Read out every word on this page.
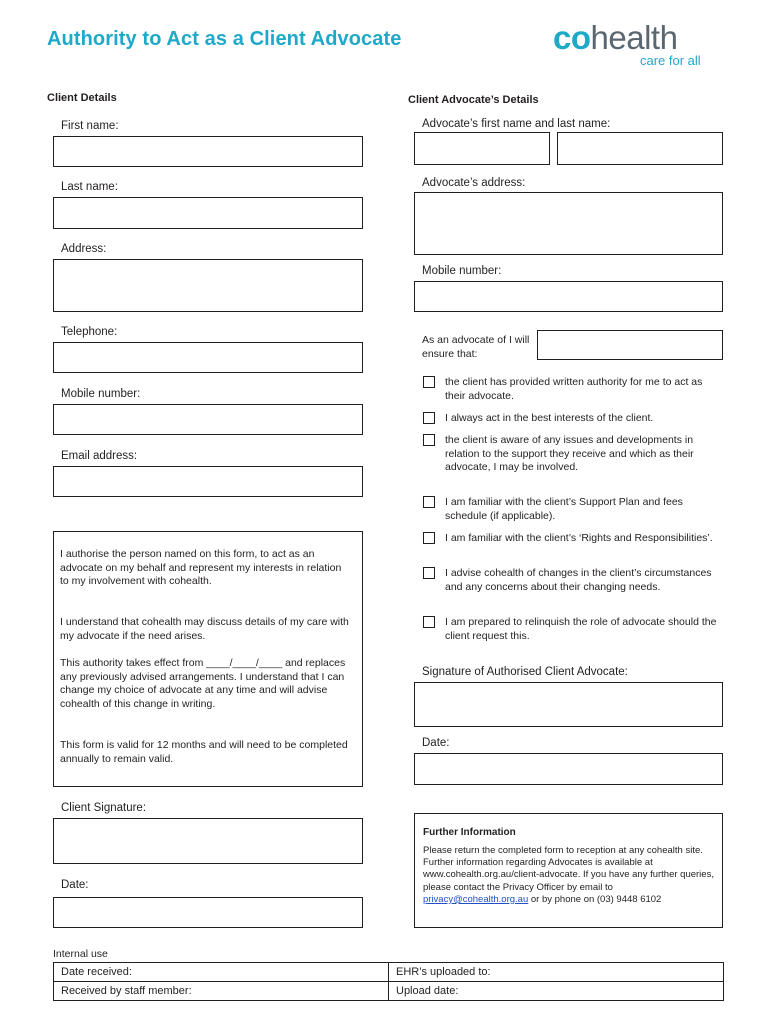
Authority to Act as a Client Advocate	cohealth
care for all
Client Details
First name:
Last name:
Address:
Telephone:
Mobile number:
Email address:

I authorise the person named on this form, to act as an advocate on my behalf and represent my interests in relation to my involvement with cohealth.

I understand that cohealth may discuss details of my care with my advocate if the need arises.

This authority takes effect from ____/____/____ and replaces any previously advised arrangements. I understand that I can change my choice of advocate at any time and will advise cohealth of this change in writing.

This form is valid for 12 months and will need to be completed annually to remain valid.

Client Signature:
Date:
Client Advocate’s Details
Advocate’s first name and last name:
Advocate’s address:
Mobile number:
As an advocate of I will ensure that:
the client has provided written authority for me to act as their advocate.
I always act in the best interests of the client.
the client is aware of any issues and developments in relation to the support they receive and which as their advocate, I may be involved.
I am familiar with the client’s Support Plan and fees schedule (if applicable).
I am familiar with the client’s ‘Rights and Responsibilities’.
I advise cohealth of changes in the client’s circumstances and any concerns about their changing needs.
I am prepared to relinquish the role of advocate should the client request this.
Signature of Authorised Client Advocate:
Date:
Further Information
Please return the completed form to reception at any cohealth site. Further information regarding Advocates is available at www.cohealth.org.au/client-advocate. If you have any further queries, please contact the Privacy Officer by email to privacy@cohealth.org.au or by phone on (03) 9448 6102
Internal use
Date received:	EHR’s uploaded to:
Received by staff member:	Upload date:
